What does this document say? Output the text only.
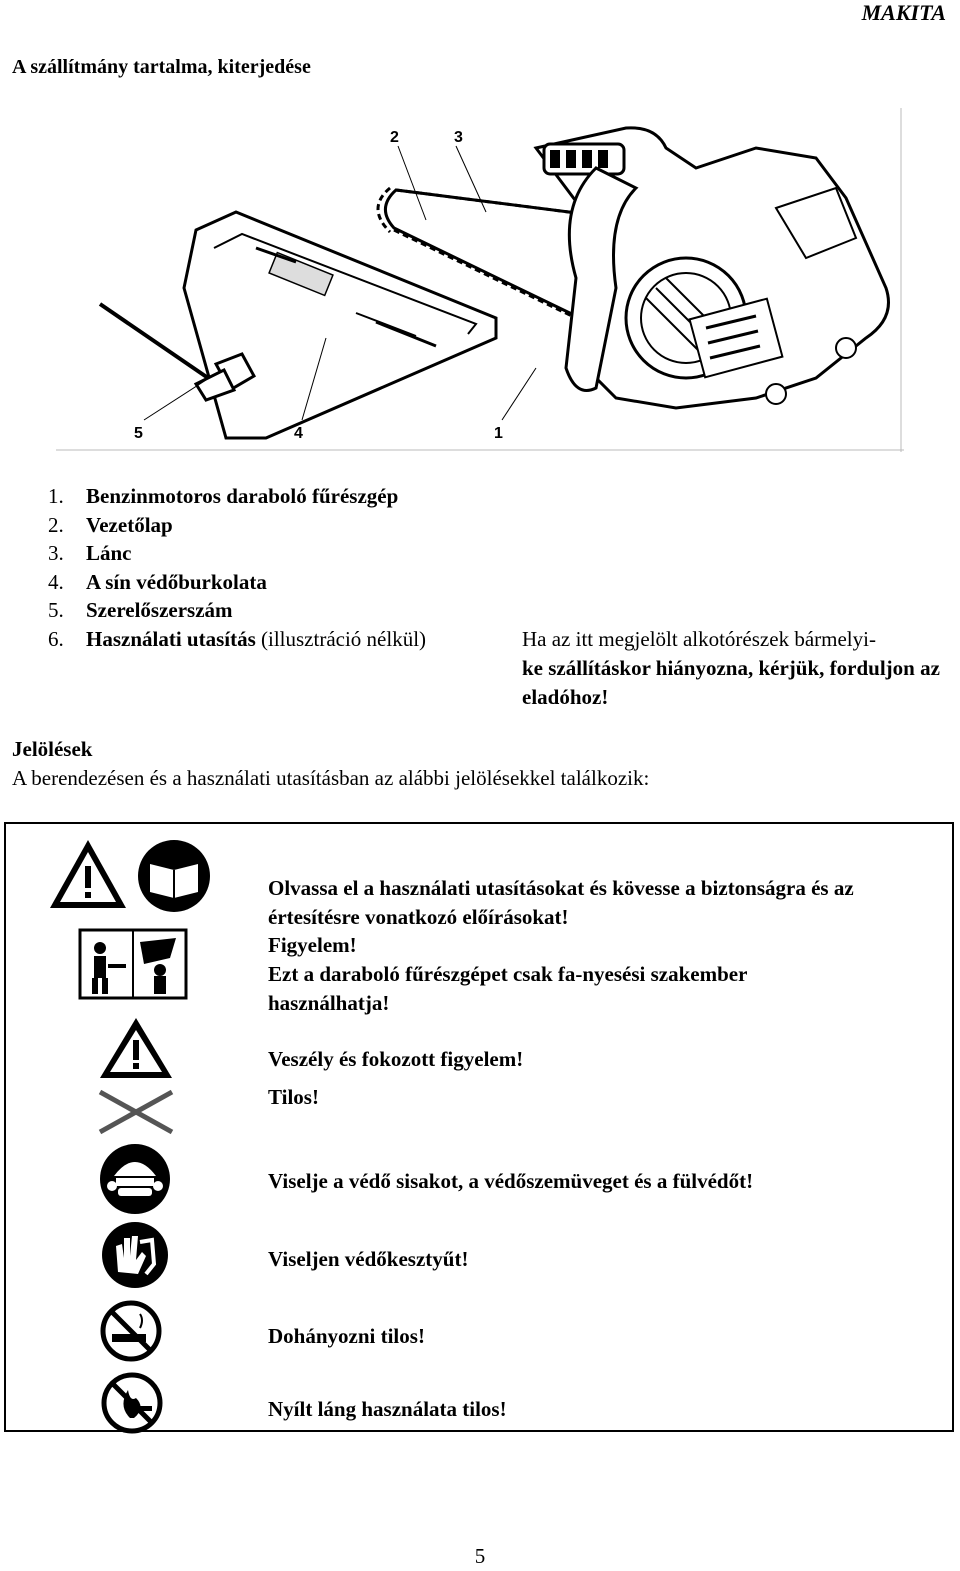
MAKITA
A szállítmány tartalma, kiterjedése
2	3
5	4	1
1.	Benzinmotoros daraboló fűrészgép
2.	Vezetőlap
3.	Lánc
4.	A sín védőburkolata
5.	Szerelőszerszám
6.	Használati utasítás (illusztráció nélkül)	Ha az itt megjelölt alkotórészek bármelyi-
ke szállításkor hiányozna, kérjük, forduljon az eladóhoz!
Jelölések
A berendezésen és a használati utasításban az alábbi jelölésekkel találkozik:
Olvassa el a használati utasításokat és kövesse a biztonságra és az értesítésre vonatkozó előírásokat!
Figyelem!
Ezt a daraboló fűrészgépet csak fa-nyesési szakember használhatja!
Veszély és fokozott figyelem!
Tilos!
Viselje a védő sisakot, a védőszemüveget és a fülvédőt!
Viseljen védőkesztyűt!
Dohányozni tilos!
Nyílt láng használata tilos!
5
